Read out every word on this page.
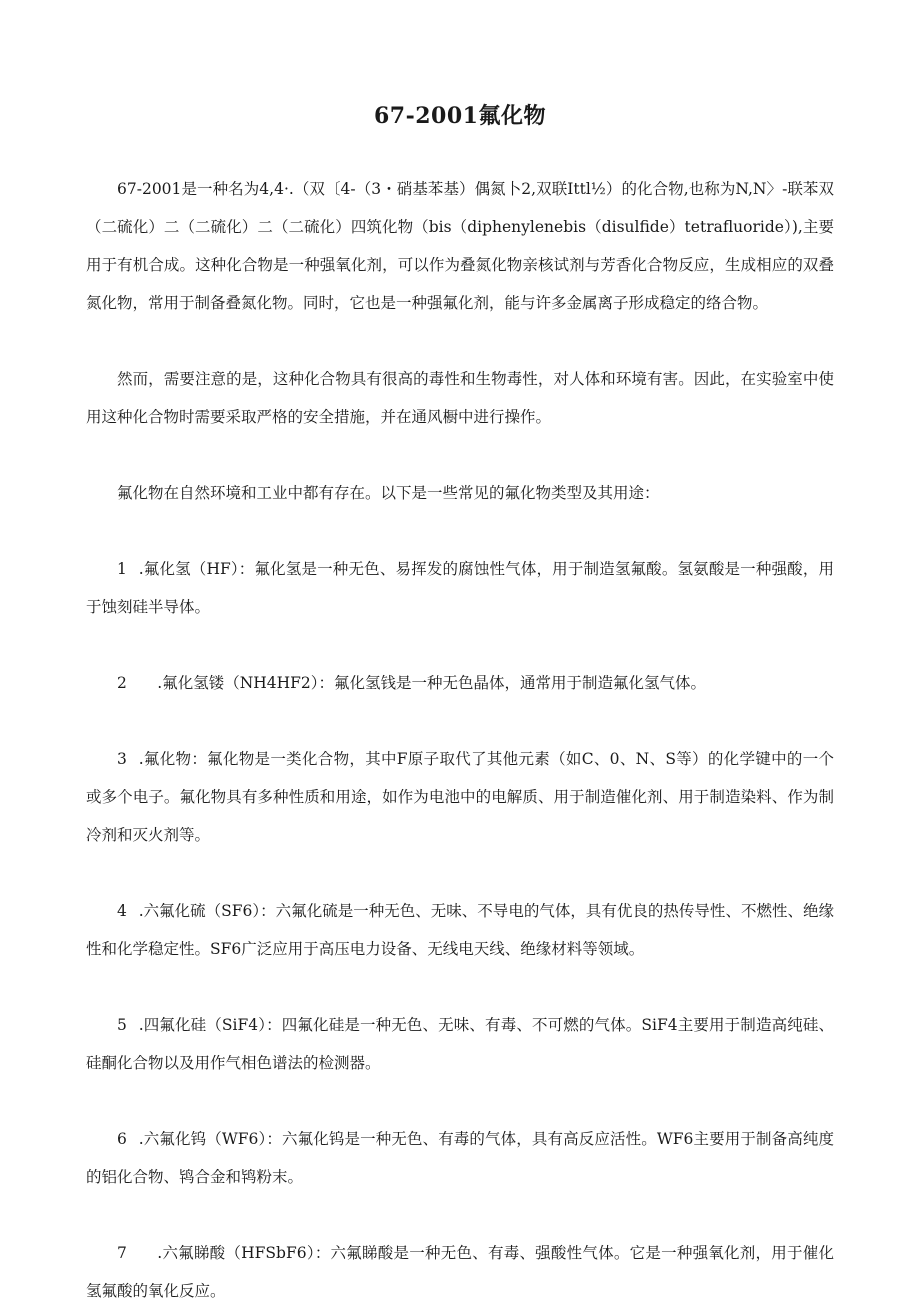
67-2001氟化物

67-2001是一种名为4,4·.（双〔4-（3・硝基苯基）偶氮卜2,双联Ittl½）的化合物,也称为N,N〉-联苯双（二硫化）二（二硫化）二（二硫化）四筑化物（bis（diphenylenebis（disulfide）tetrafluoride）),主要用于有机合成。这种化合物是一种强氧化剂，可以作为叠氮化物亲核试剂与芳香化合物反应，生成相应的双叠氮化物，常用于制备叠氮化物。同时，它也是一种强氟化剂，能与许多金属离子形成稳定的络合物。

然而，需要注意的是，这种化合物具有很高的毒性和生物毒性，对人体和环境有害。因此，在实验室中使用这种化合物时需要采取严格的安全措施，并在通风橱中进行操作。

氟化物在自然环境和工业中都有存在。以下是一些常见的氟化物类型及其用途：

1 .氟化氢（HF）：氟化氢是一种无色、易挥发的腐蚀性气体，用于制造氢氟酸。氢氨酸是一种强酸，用于蚀刻硅半导体。

2 .氟化氢镂（NH4HF2）：氟化氢钱是一种无色晶体，通常用于制造氟化氢气体。

3 .氟化物：氟化物是一类化合物，其中F原子取代了其他元素（如C、0、N、S等）的化学键中的一个或多个电子。氟化物具有多种性质和用途，如作为电池中的电解质、用于制造催化剂、用于制造染料、作为制冷剂和灭火剂等。

4 .六氟化硫（SF6）：六氟化硫是一种无色、无味、不导电的气体，具有优良的热传导性、不燃性、绝缘性和化学稳定性。SF6广泛应用于高压电力设备、无线电天线、绝缘材料等领域。

5 .四氟化硅（SiF4）：四氟化硅是一种无色、无味、有毒、不可燃的气体。SiF4主要用于制造高纯硅、硅酮化合物以及用作气相色谱法的检测器。

6 .六氟化钨（WF6）：六氟化钨是一种无色、有毒的气体，具有高反应活性。WF6主要用于制备高纯度的铝化合物、鸨合金和鸨粉末。

7 .六氟睇酸（HFSbF6）：六氟睇酸是一种无色、有毒、强酸性气体。它是一种强氧化剂，用于催化氢氟酸的氧化反应。
